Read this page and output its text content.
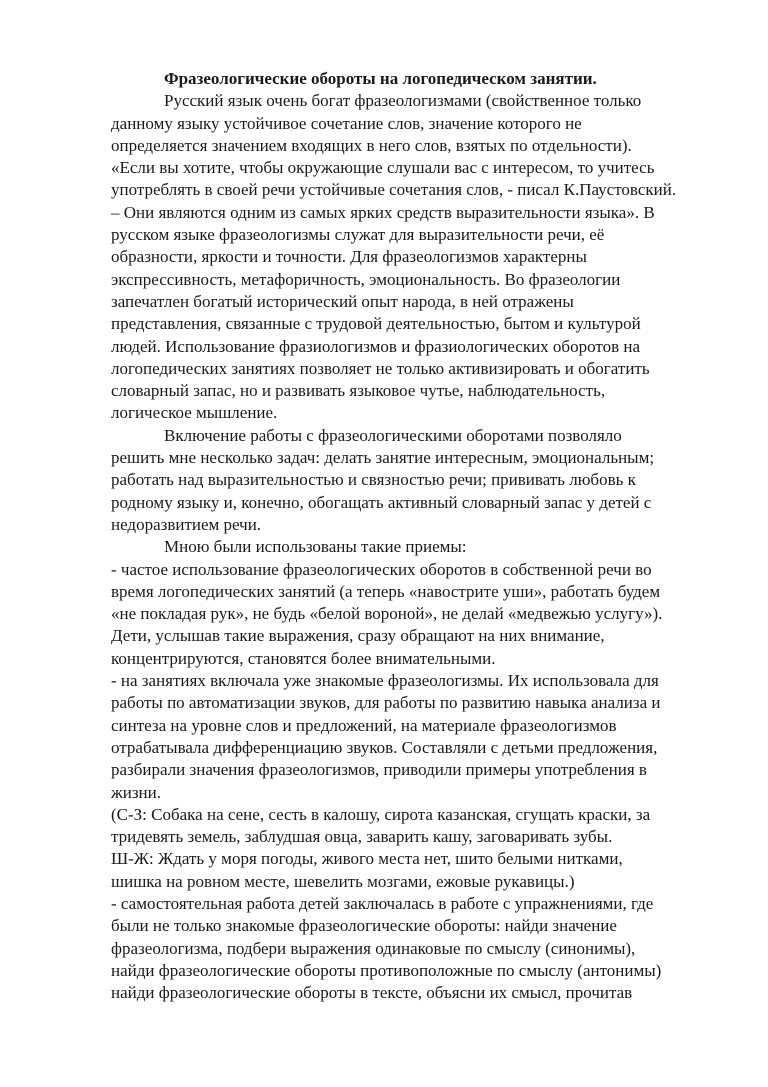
Фразеологические обороты на логопедическом занятии.
Русский язык очень богат фразеологизмами (свойственное только
данному языку устойчивое сочетание слов, значение которого не
определяется значением входящих в него слов, взятых по отдельности).
«Если вы хотите, чтобы окружающие слушали вас с интересом, то учитесь
употреблять в своей речи устойчивые сочетания слов, - писал К.Паустовский.
– Они являются одним из самых ярких средств выразительности языка». В
русском языке фразеологизмы служат для выразительности речи, её
образности, яркости и точности. Для фразеологизмов характерны
экспрессивность, метафоричность, эмоциональность. Во фразеологии
запечатлен богатый исторический опыт народа, в ней отражены
представления, связанные с трудовой деятельностью, бытом и культурой
людей. Использование фразиологизмов и фразиологических оборотов на
логопедических занятиях позволяет не только активизировать и обогатить
словарный запас, но и развивать языковое чутье, наблюдательность,
логическое мышление.
Включение работы с фразеологическими оборотами позволяло
решить мне несколько задач: делать занятие интересным, эмоциональным;
работать над выразительностью и связностью речи; прививать любовь к
родному языку и, конечно, обогащать активный словарный запас у детей с
недоразвитием речи.
Мною были использованы такие приемы:
- частое использование фразеологических оборотов в собственной речи во
время логопедических занятий (а теперь «навострите уши», работать будем
«не покладая рук», не будь «белой вороной», не делай «медвежью услугу»).
Дети, услышав такие выражения, сразу обращают на них внимание,
концентрируются, становятся более внимательными.
- на занятиях включала уже знакомые фразеологизмы. Их использовала для
работы по автоматизации звуков, для работы по развитию навыка анализа и
синтеза на уровне слов и предложений, на материале фразеологизмов
отрабатывала дифференциацию звуков. Составляли с детьми предложения,
разбирали значения фразеологизмов, приводили примеры употребления в
жизни.
(С-З: Собака на сене, сесть в калошу, сирота казанская, сгущать краски, за
тридевять земель, заблудшая овца, заварить кашу, заговаривать зубы.
Ш-Ж: Ждать у моря погоды, живого места нет, шито белыми нитками,
шишка на ровном месте, шевелить мозгами, ежовые рукавицы.)
- самостоятельная работа детей заключалась в работе с упражнениями, где
были не только знакомые фразеологические обороты: найди значение
фразеологизма, подбери выражения одинаковые по смыслу (синонимы),
найди фразеологические обороты противоположные по смыслу (антонимы)
найди фразеологические обороты в тексте, объясни их смысл, прочитав
